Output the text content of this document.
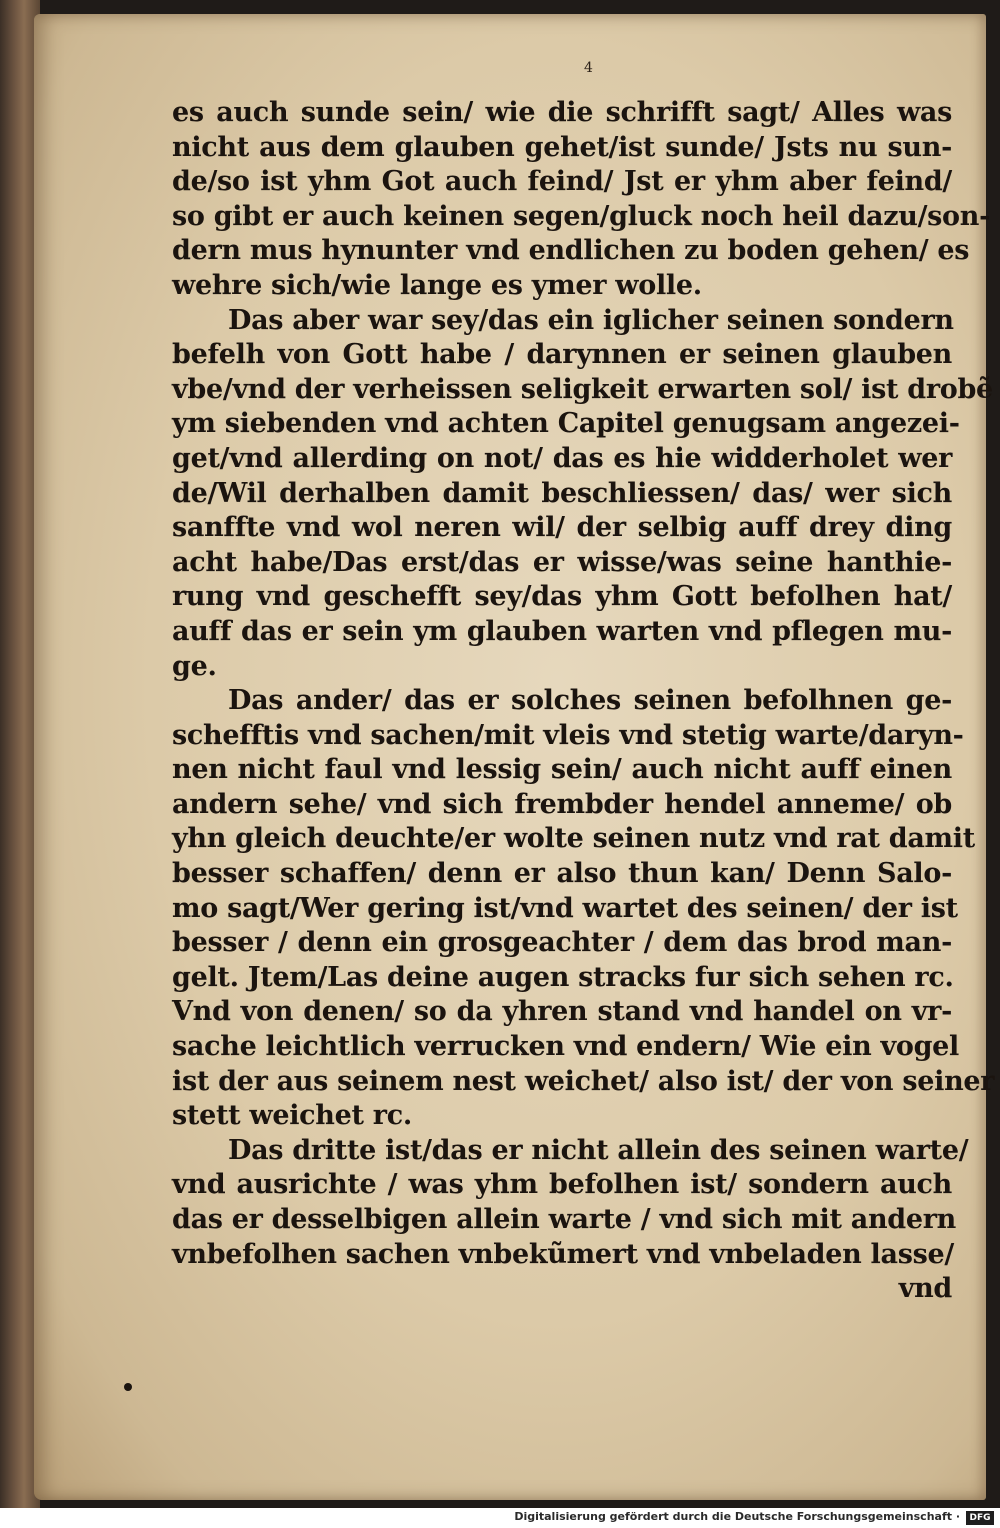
4
es auch sunde sein/ wie die schrifft sagt/ Alles was
nicht aus dem glauben gehet/ist sunde/ Jsts nu sun‑
de/so ist yhm Got auch feind/ Jst er yhm aber feind/
so gibt er auch keinen segen/gluck noch heil dazu/son‑
dern mus hynunter vnd endlichen zu boden gehen/ es
wehre sich/wie lange es ymer wolle.
Das aber war sey/das ein iglicher seinen sondern
befelh von Gott habe / darynnen er seinen glauben
vbe/vnd der verheissen seligkeit erwarten sol/ ist drobẽ
ym siebenden vnd achten Capitel genugsam angezei‑
get/vnd allerding on not/ das es hie widderholet wer
de/Wil derhalben damit beschliessen/ das/ wer sich
sanffte vnd wol neren wil/ der selbig auff drey ding
acht habe/Das erst/das er wisse/was seine hanthie‑
rung vnd geschefft sey/das yhm Gott befolhen hat/
auff das er sein ym glauben warten vnd pflegen mu‑
ge.
Das ander/ das er solches seinen befolhnen ge‑
schefftis vnd sachen/mit vleis vnd stetig warte/daryn‑
nen nicht faul vnd lessig sein/ auch nicht auff einen
andern sehe/ vnd sich frembder hendel anneme/ ob
yhn gleich deuchte/er wolte seinen nutz vnd rat damit
besser schaffen/ denn er also thun kan/ Denn Salo‑
mo sagt/Wer gering ist/vnd wartet des seinen/ der ist
besser / denn ein grosgeachter / dem das brod man‑
gelt. Jtem/Las deine augen stracks fur sich sehen rc.
Vnd von denen/ so da yhren stand vnd handel on vr‑
sache leichtlich verrucken vnd endern/ Wie ein vogel
ist der aus seinem nest weichet/ also ist/ der von seiner
stett weichet rc.
Das dritte ist/das er nicht allein des seinen warte/
vnd ausrichte / was yhm befolhen ist/ sondern auch
das er desselbigen allein warte / vnd sich mit andern
vnbefolhen sachen vnbekũmert vnd vnbeladen lasse/
vnd
Digitalisierung gefördert durch die Deutsche Forschungsgemeinschaft ·	DFG
